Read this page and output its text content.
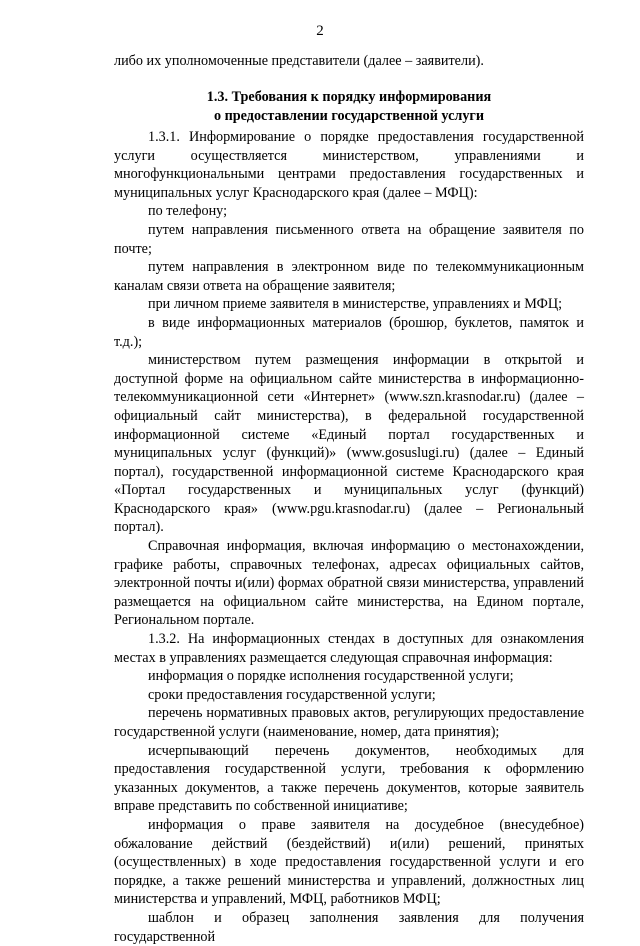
2
либо их уполномоченные представители (далее – заявители).
1.3. Требования к порядку информирования
о предоставлении государственной услуги

1.3.1. Информирование о порядке предоставления государственной услуги осуществляется министерством, управлениями и многофункциональными центрами предоставления государственных и муниципальных услуг Краснодарского края (далее – МФЦ):

по телефону;

путем направления письменного ответа на обращение заявителя по почте;

путем направления в электронном виде по телекоммуникационным каналам связи ответа на обращение заявителя;

при личном приеме заявителя в министерстве, управлениях и МФЦ;

в виде информационных материалов (брошюр, буклетов, памяток и т.д.);

министерством путем размещения информации в открытой и доступной форме на официальном сайте министерства в информационно-телекоммуникационной сети «Интернет» (www.szn.krasnodar.ru) (далее – официальный сайт министерства), в федеральной государственной информационной системе «Единый портал государственных и муниципальных услуг (функций)» (www.gosuslugi.ru) (далее – Единый портал), государственной информационной системе Краснодарского края «Портал государственных и муниципальных услуг (функций) Краснодарского края» (www.pgu.krasnodar.ru) (далее – Региональный портал).

Справочная информация, включая информацию о местонахождении, графике работы, справочных телефонах, адресах официальных сайтов, электронной почты и(или) формах обратной связи министерства, управлений размещается на официальном сайте министерства, на Едином портале, Региональном портале.

1.3.2. На информационных стендах в доступных для ознакомления местах в управлениях размещается следующая справочная информация:

информация о порядке исполнения государственной услуги;

сроки предоставления государственной услуги;

перечень нормативных правовых актов, регулирующих предоставление государственной услуги (наименование, номер, дата принятия);

исчерпывающий перечень документов, необходимых для предоставления государственной услуги, требования к оформлению указанных документов, а также перечень документов, которые заявитель вправе представить по собственной инициативе;

информация о праве заявителя на досудебное (внесудебное) обжалование действий (бездействий) и(или) решений, принятых (осуществленных) в ходе предоставления государственной услуги и его порядке, а также решений министерства и управлений, должностных лиц министерства и управлений, МФЦ, работников МФЦ;

шаблон и образец заполнения заявления для получения государственной
